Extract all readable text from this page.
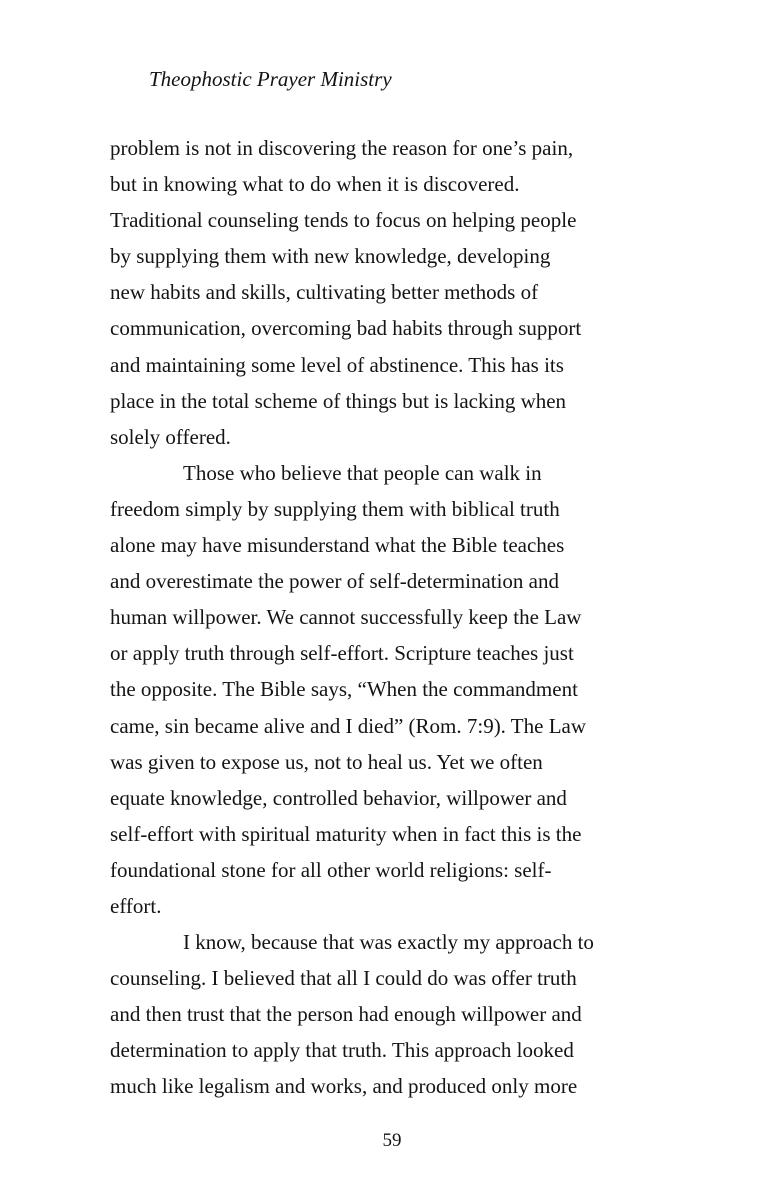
Theophostic Prayer Ministry
problem is not in discovering the reason for one’s pain,
but in knowing what to do when it is discovered.
Traditional counseling tends to focus on helping people
by supplying them with new knowledge, developing
new habits and skills, cultivating better methods of
communication, overcoming bad habits through support
and maintaining some level of abstinence. This has its
place in the total scheme of things but is lacking when
solely offered.
Those who believe that people can walk in
freedom simply by supplying them with biblical truth
alone may have misunderstand what the Bible teaches
and overestimate the power of self-determination and
human willpower. We cannot successfully keep the Law
or apply truth through self-effort. Scripture teaches just
the opposite. The Bible says, “When the commandment
came, sin became alive and I died” (Rom. 7:9). The Law
was given to expose us, not to heal us. Yet we often
equate knowledge, controlled behavior, willpower and
self-effort with spiritual maturity when in fact this is the
foundational stone for all other world religions: self-
effort.
I know, because that was exactly my approach to
counseling. I believed that all I could do was offer truth
and then trust that the person had enough willpower and
determination to apply that truth. This approach looked
much like legalism and works, and produced only more
59
